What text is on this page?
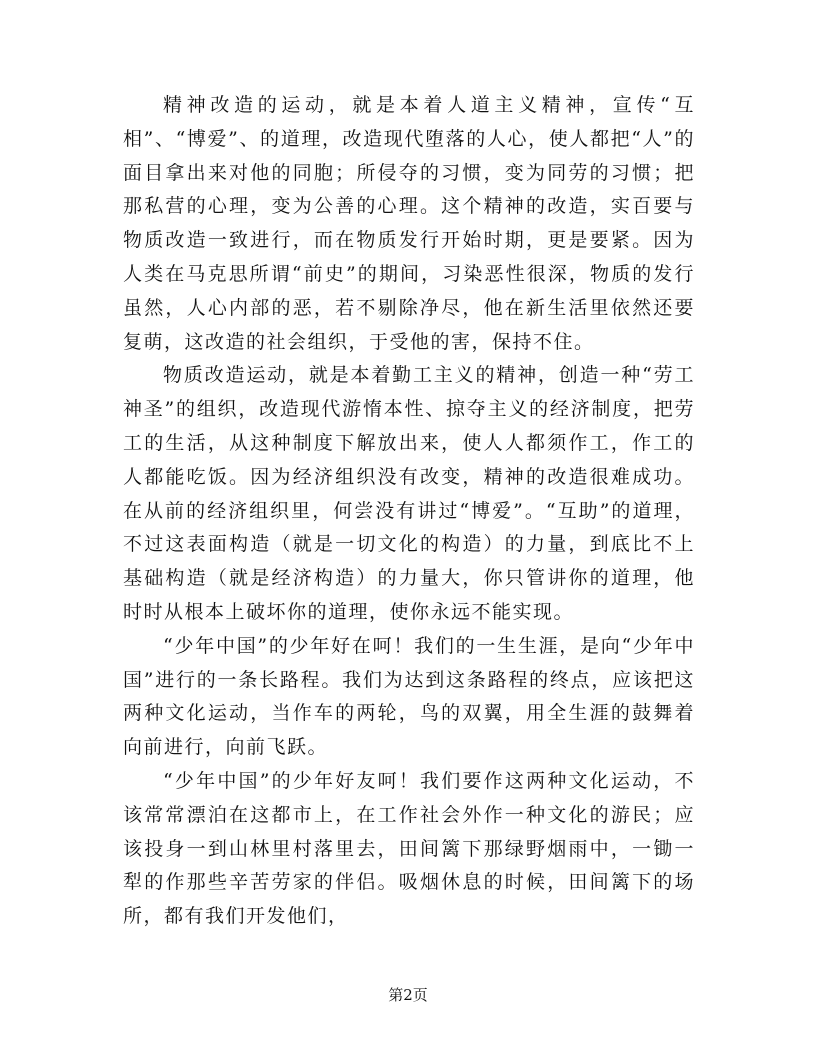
精神改造的运动，就是本着人道主义精神，宣传“互相”、“博爱”、的道理，改造现代堕落的人心，使人都把“人”的面目拿出来对他的同胞；所侵夺的习惯，变为同劳的习惯；把那私营的心理，变为公善的心理。这个精神的改造，实百要与物质改造一致进行，而在物质发行开始时期，更是要紧。因为人类在马克思所谓“前史”的期间，习染恶性很深，物质的发行虽然，人心内部的恶，若不剔除净尽，他在新生活里依然还要复萌，这改造的社会组织，于受他的害，保持不住。

物质改造运动，就是本着勤工主义的精神，创造一种“劳工神圣”的组织，改造现代游惰本性、掠夺主义的经济制度，把劳工的生活，从这种制度下解放出来，使人人都须作工，作工的人都能吃饭。因为经济组织没有改变，精神的改造很难成功。在从前的经济组织里，何尝没有讲过“博爱”。“互助”的道理，不过这表面构造（就是一切文化的构造）的力量，到底比不上基础构造（就是经济构造）的力量大，你只管讲你的道理，他时时从根本上破坏你的道理，使你永远不能实现。

“少年中国”的少年好在呵！我们的一生生涯，是向“少年中国”进行的一条长路程。我们为达到这条路程的终点，应该把这两种文化运动，当作车的两轮，鸟的双翼，用全生涯的鼓舞着向前进行，向前飞跃。

“少年中国”的少年好友呵！我们要作这两种文化运动，不该常常漂泊在这都市上，在工作社会外作一种文化的游民；应该投身一到山林里村落里去，田间篱下那绿野烟雨中，一锄一犁的作那些辛苦劳家的伴侣。吸烟休息的时候，田间篱下的场所，都有我们开发他们，

第2页
